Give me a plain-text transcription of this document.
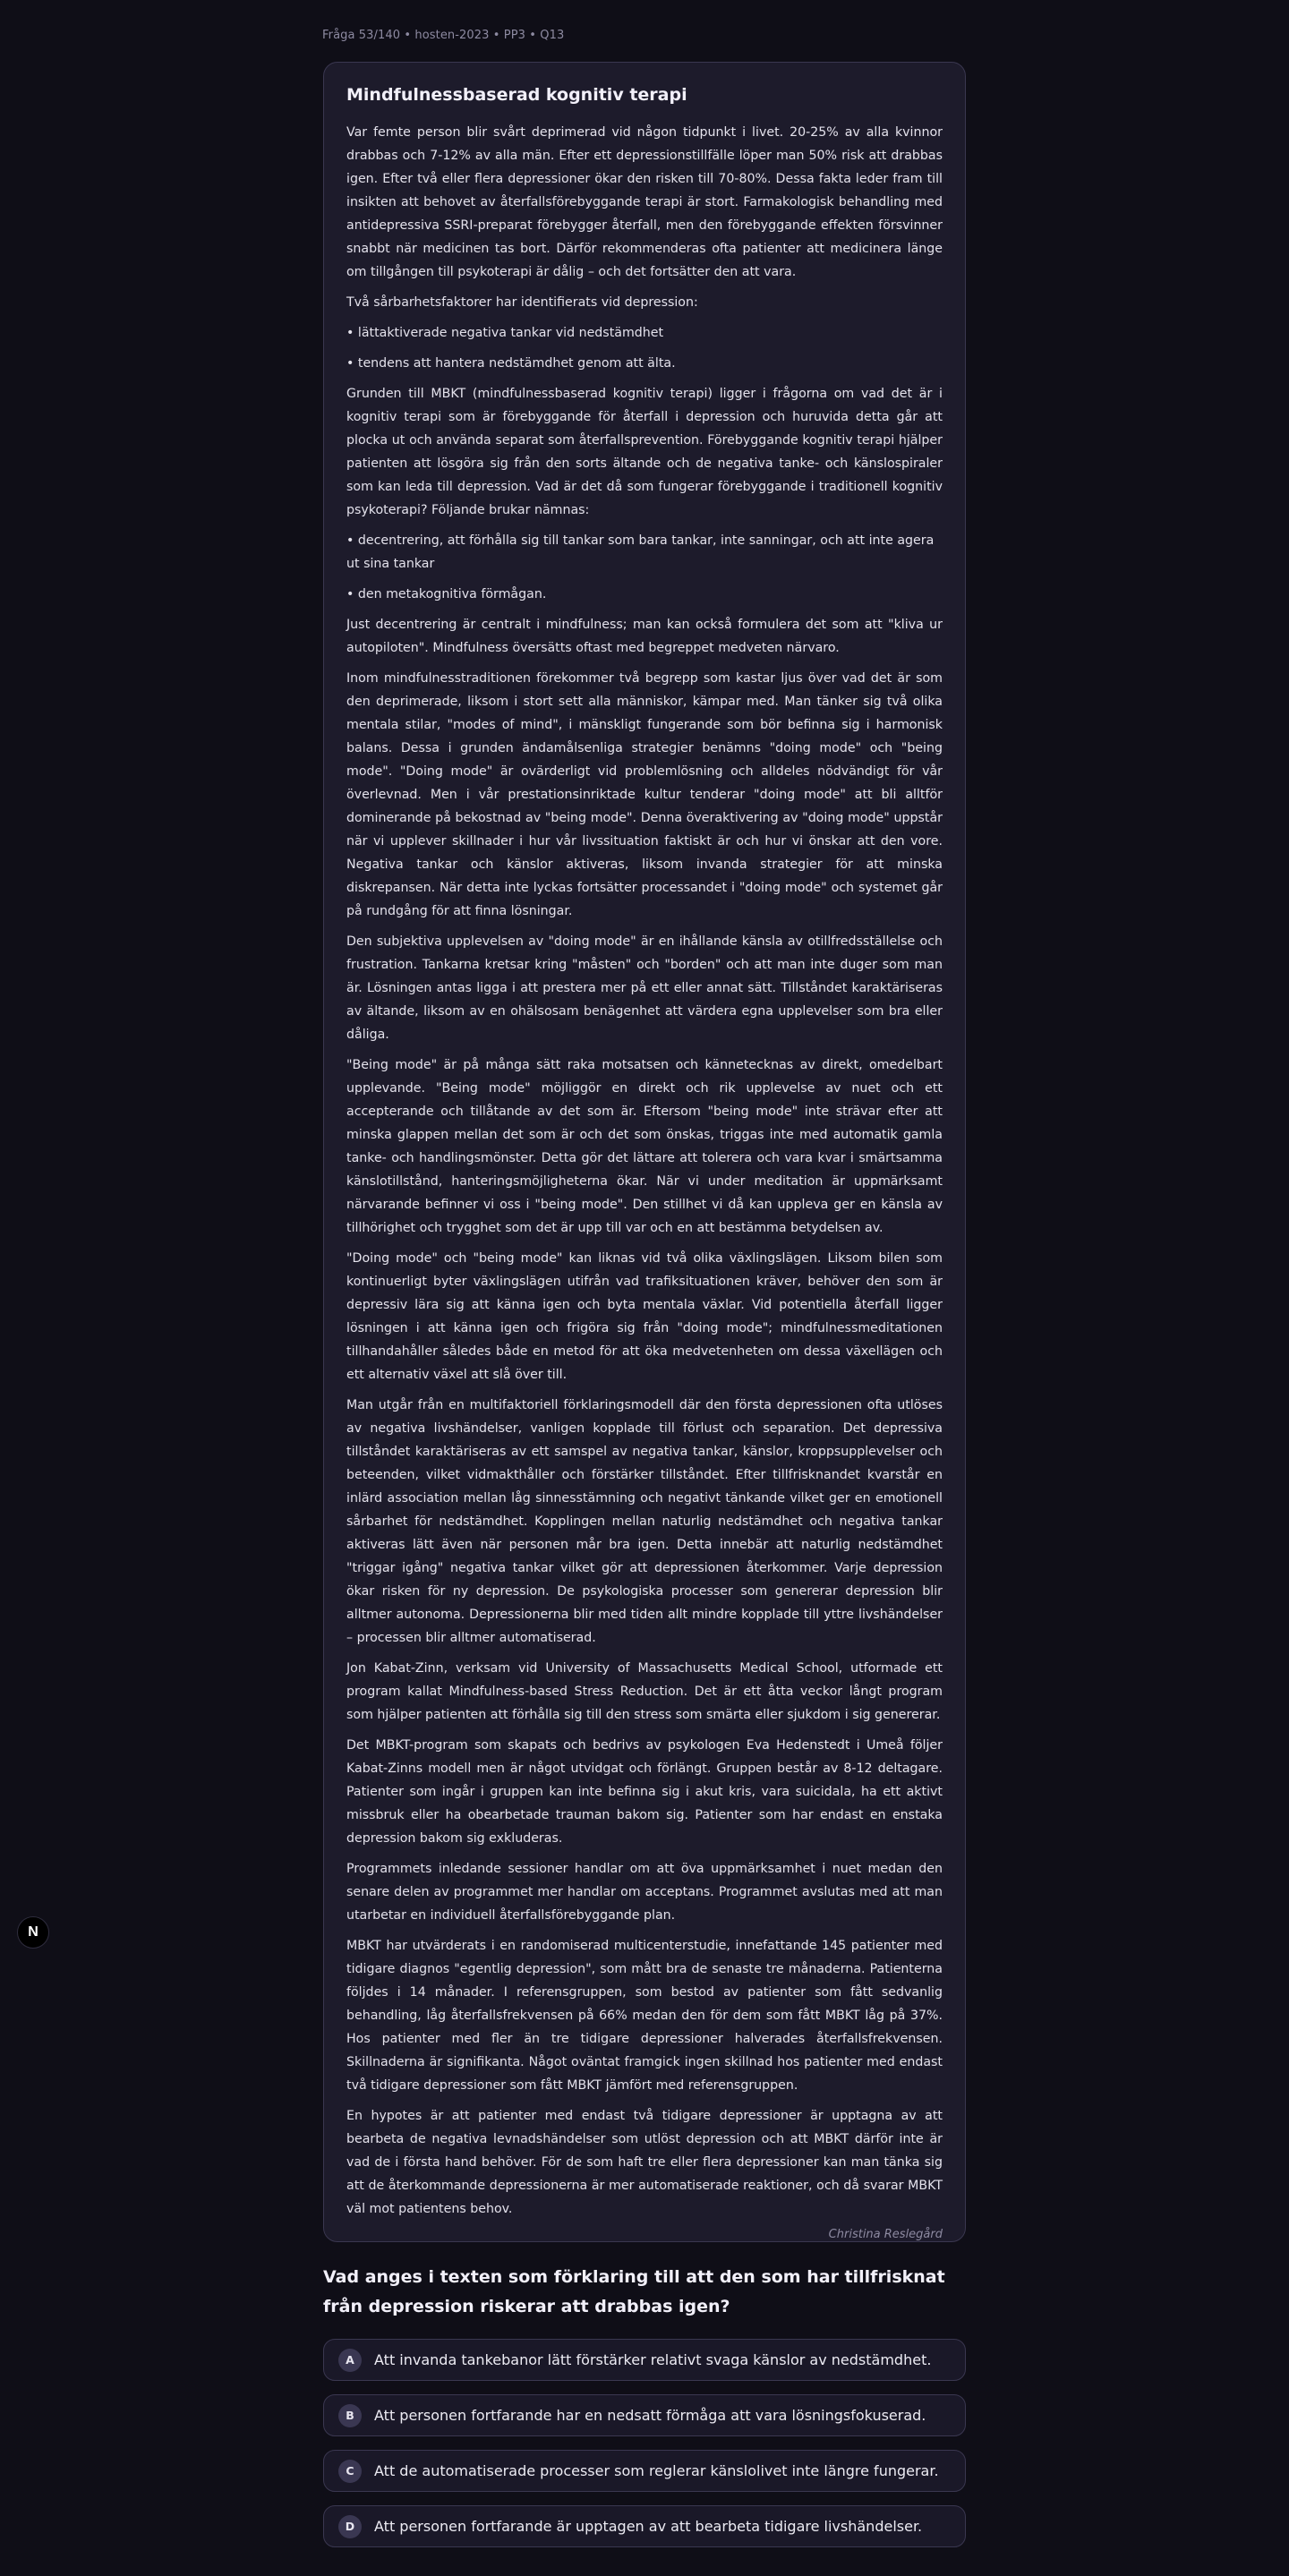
Fråga 53/140 • hosten-2023 • PP3 • Q13
Mindfulnessbaserad kognitiv terapi

Var femte person blir svårt deprimerad vid någon tidpunkt i livet. 20-25% av alla kvinnor drabbas och 7-12% av alla män. Efter ett depressionstillfälle löper man 50% risk att drabbas igen. Efter två eller flera depressioner ökar den risken till 70-80%. Dessa fakta leder fram till insikten att behovet av återfallsförebyggande terapi är stort. Farmakologisk behandling med antidepressiva SSRI-preparat förebygger återfall, men den förebyggande effekten försvinner snabbt när medicinen tas bort. Därför rekommenderas ofta patienter att medicinera länge om tillgången till psykoterapi är dålig – och det fortsätter den att vara.

Två sårbarhetsfaktorer har identifierats vid depression:

• lättaktiverade negativa tankar vid nedstämdhet

• tendens att hantera nedstämdhet genom att älta.

Grunden till MBKT (mindfulnessbaserad kognitiv terapi) ligger i frågorna om vad det är i kognitiv terapi som är förebyggande för återfall i depression och huruvida detta går att plocka ut och använda separat som återfallsprevention. Förebyggande kognitiv terapi hjälper patienten att lösgöra sig från den sorts ältande och de negativa tanke- och känslospiraler som kan leda till depression. Vad är det då som fungerar förebyggande i traditionell kognitiv psykoterapi? Följande brukar nämnas:

• decentrering, att förhålla sig till tankar som bara tankar, inte sanningar, och att inte agera ut sina tankar

• den metakognitiva förmågan.

Just decentrering är centralt i mindfulness; man kan också formulera det som att "kliva ur autopiloten". Mindfulness översätts oftast med begreppet medveten närvaro.

Inom mindfulnesstraditionen förekommer två begrepp som kastar ljus över vad det är som den deprimerade, liksom i stort sett alla människor, kämpar med. Man tänker sig två olika mentala stilar, "modes of mind", i mänskligt fungerande som bör befinna sig i harmonisk balans. Dessa i grunden ändamålsenliga strategier benämns "doing mode" och "being mode". "Doing mode" är ovärderligt vid problemlösning och alldeles nödvändigt för vår överlevnad. Men i vår prestationsinriktade kultur tenderar "doing mode" att bli alltför dominerande på bekostnad av "being mode". Denna överaktivering av "doing mode" uppstår när vi upplever skillnader i hur vår livssituation faktiskt är och hur vi önskar att den vore. Negativa tankar och känslor aktiveras, liksom invanda strategier för att minska diskrepansen. När detta inte lyckas fortsätter processandet i "doing mode" och systemet går på rundgång för att finna lösningar.

Den subjektiva upplevelsen av "doing mode" är en ihållande känsla av otillfredsställelse och frustration. Tankarna kretsar kring "måsten" och "borden" och att man inte duger som man är. Lösningen antas ligga i att prestera mer på ett eller annat sätt. Tillståndet karaktäriseras av ältande, liksom av en ohälsosam benägenhet att värdera egna upplevelser som bra eller dåliga.

"Being mode" är på många sätt raka motsatsen och kännetecknas av direkt, omedelbart upplevande. "Being mode" möjliggör en direkt och rik upplevelse av nuet och ett accepterande och tillåtande av det som är. Eftersom "being mode" inte strävar efter att minska glappen mellan det som är och det som önskas, triggas inte med automatik gamla tanke- och handlingsmönster. Detta gör det lättare att tolerera och vara kvar i smärtsamma känslotillstånd, hanteringsmöjligheterna ökar. När vi under meditation är uppmärksamt närvarande befinner vi oss i "being mode". Den stillhet vi då kan uppleva ger en känsla av tillhörighet och trygghet som det är upp till var och en att bestämma betydelsen av.

"Doing mode" och "being mode" kan liknas vid två olika växlingslägen. Liksom bilen som kontinuerligt byter växlingslägen utifrån vad trafiksituationen kräver, behöver den som är depressiv lära sig att känna igen och byta mentala växlar. Vid potentiella återfall ligger lösningen i att känna igen och frigöra sig från "doing mode"; mindfulnessmeditationen tillhandahåller således både en metod för att öka medvetenheten om dessa växellägen och ett alternativ växel att slå över till.

Man utgår från en multifaktoriell förklaringsmodell där den första depressionen ofta utlöses av negativa livshändelser, vanligen kopplade till förlust och separation. Det depressiva tillståndet karaktäriseras av ett samspel av negativa tankar, känslor, kroppsupplevelser och beteenden, vilket vidmakthåller och förstärker tillståndet. Efter tillfrisknandet kvarstår en inlärd association mellan låg sinnesstämning och negativt tänkande vilket ger en emotionell sårbarhet för nedstämdhet. Kopplingen mellan naturlig nedstämdhet och negativa tankar aktiveras lätt även när personen mår bra igen. Detta innebär att naturlig nedstämdhet "triggar igång" negativa tankar vilket gör att depressionen återkommer. Varje depression ökar risken för ny depression. De psykologiska processer som genererar depression blir alltmer autonoma. Depressionerna blir med tiden allt mindre kopplade till yttre livshändelser – processen blir alltmer automatiserad.

Jon Kabat-Zinn, verksam vid University of Massachusetts Medical School, utformade ett program kallat Mindfulness-based Stress Reduction. Det är ett åtta veckor långt program som hjälper patienten att förhålla sig till den stress som smärta eller sjukdom i sig genererar.

Det MBKT-program som skapats och bedrivs av psykologen Eva Hedenstedt i Umeå följer Kabat-Zinns modell men är något utvidgat och förlängt. Gruppen består av 8-12 deltagare. Patienter som ingår i gruppen kan inte befinna sig i akut kris, vara suicidala, ha ett aktivt missbruk eller ha obearbetade trauman bakom sig. Patienter som har endast en enstaka depression bakom sig exkluderas.

Programmets inledande sessioner handlar om att öva uppmärksamhet i nuet medan den senare delen av programmet mer handlar om acceptans. Programmet avslutas med att man utarbetar en individuell återfallsförebyggande plan.

MBKT har utvärderats i en randomiserad multicenterstudie, innefattande 145 patienter med tidigare diagnos "egentlig depression", som mått bra de senaste tre månaderna. Patienterna följdes i 14 månader. I referensgruppen, som bestod av patienter som fått sedvanlig behandling, låg återfallsfrekvensen på 66% medan den för dem som fått MBKT låg på 37%. Hos patienter med fler än tre tidigare depressioner halverades återfallsfrekvensen. Skillnaderna är signifikanta. Något oväntat framgick ingen skillnad hos patienter med endast två tidigare depressioner som fått MBKT jämfört med referensgruppen.

En hypotes är att patienter med endast två tidigare depressioner är upptagna av att bearbeta de negativa levnadshändelser som utlöst depression och att MBKT därför inte är vad de i första hand behöver. För de som haft tre eller flera depressioner kan man tänka sig att de återkommande depressionerna är mer automatiserade reaktioner, och då svarar MBKT väl mot patientens behov.

Christina Reslegård
Vad anges i texten som förklaring till att den som har tillfrisknat från depression riskerar att drabbas igen?
A	Att invanda tankebanor lätt förstärker relativt svaga känslor av nedstämdhet.
B	Att personen fortfarande har en nedsatt förmåga att vara lösningsfokuserad.
C	Att de automatiserade processer som reglerar känslolivet inte längre fungerar.
D	Att personen fortfarande är upptagen av att bearbeta tidigare livshändelser.
N
